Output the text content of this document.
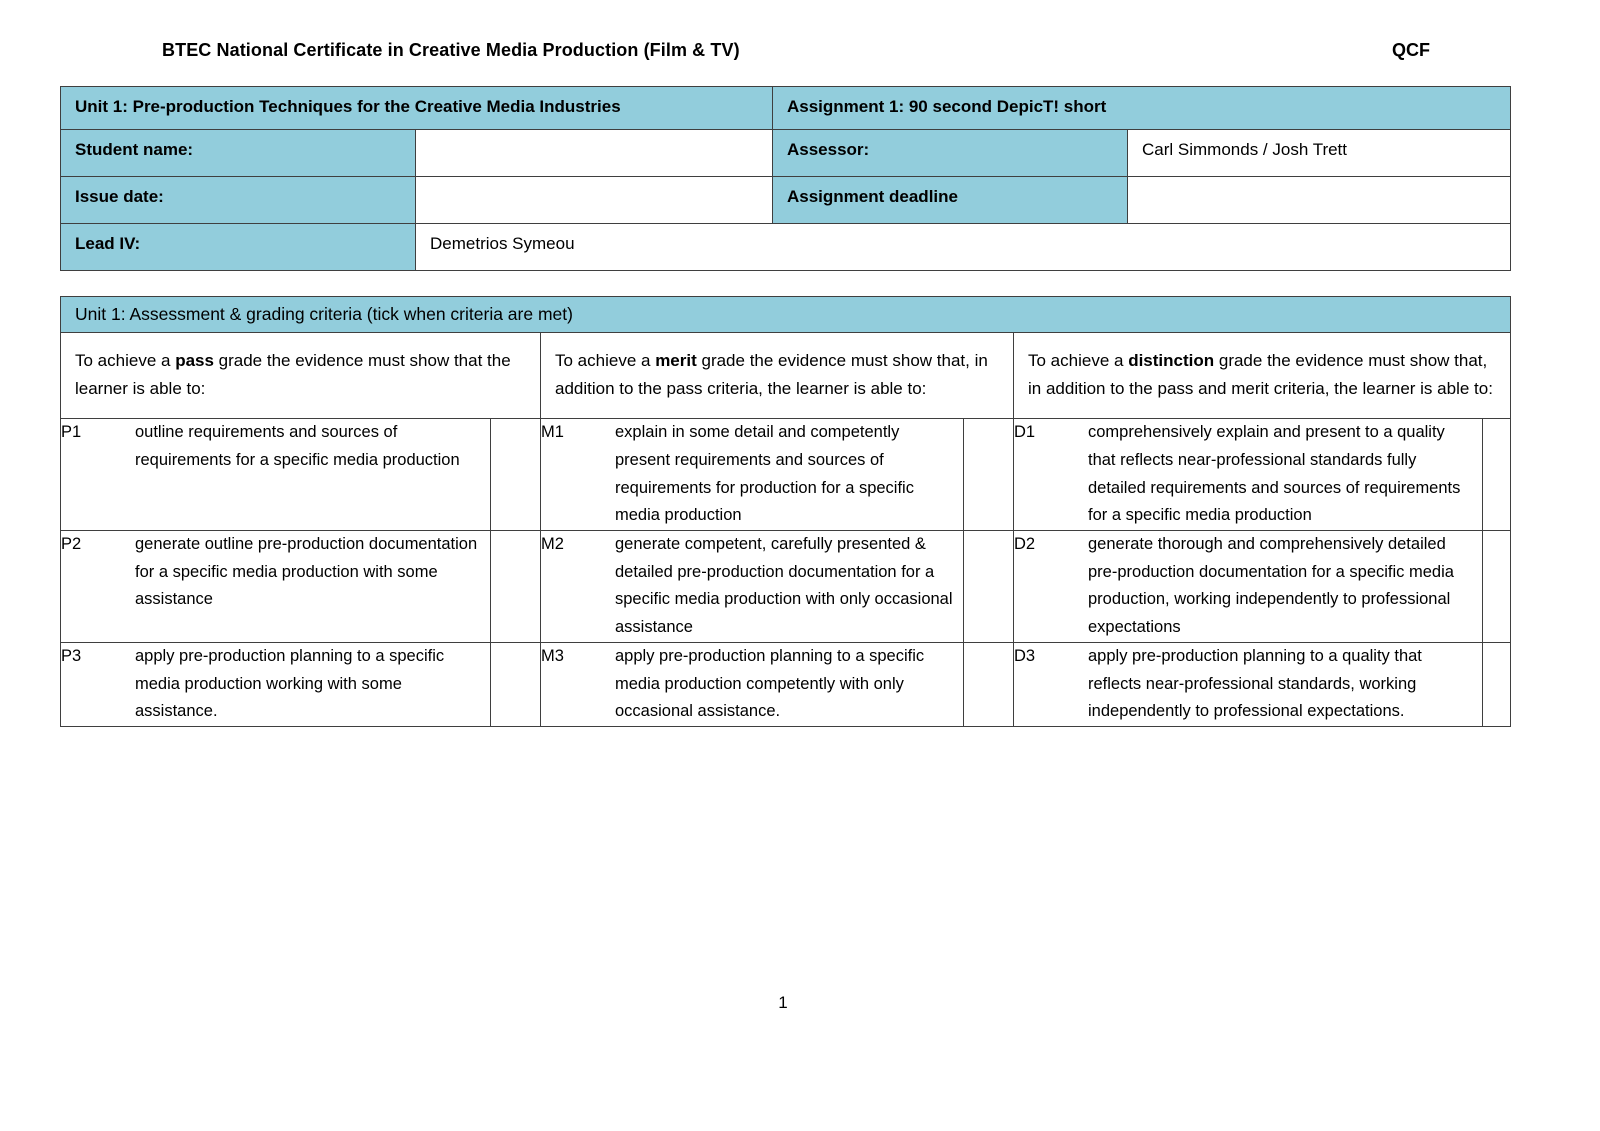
BTEC National Certificate in Creative Media Production (Film & TV)	QCF
Unit 1: Pre-production Techniques for the Creative Media Industries		Assignment 1: 90 second DepicT! short	

Student name:		Assessor:	Carl Simmonds / Josh Trett

Issue date:		Assignment deadline	

Lead IV:	Demetrios Symeou		
Unit 1: Assessment & grading criteria (tick when criteria are met)					
To achieve a pass grade the evidence must show that the learner is able to:		To achieve a merit grade the evidence must show that, in addition to the pass criteria, the learner is able to:		To achieve a distinction grade the evidence must show that, in addition to the pass and merit criteria, the learner is able to:	

P1 outline requirements and sources of requirements for a specific media production		M1 explain in some detail and competently present requirements and sources of requirements for production for a specific media production		D1 comprehensively explain and present to a quality that reflects near-professional standards fully detailed requirements and sources of requirements for a specific media production	

P2 generate outline pre-production documentation for a specific media production with some assistance		M2 generate competent, carefully presented & detailed pre-production documentation for a specific media production with only occasional assistance		D2 generate thorough and comprehensively detailed pre-production documentation for a specific media production, working independently to professional expectations	

P3 apply pre-production planning to a specific media production working with some assistance.		M3 apply pre-production planning to a specific media production competently with only occasional assistance.		D3 apply pre-production planning to a quality that reflects near-professional standards, working independently to professional expectations.	

1
